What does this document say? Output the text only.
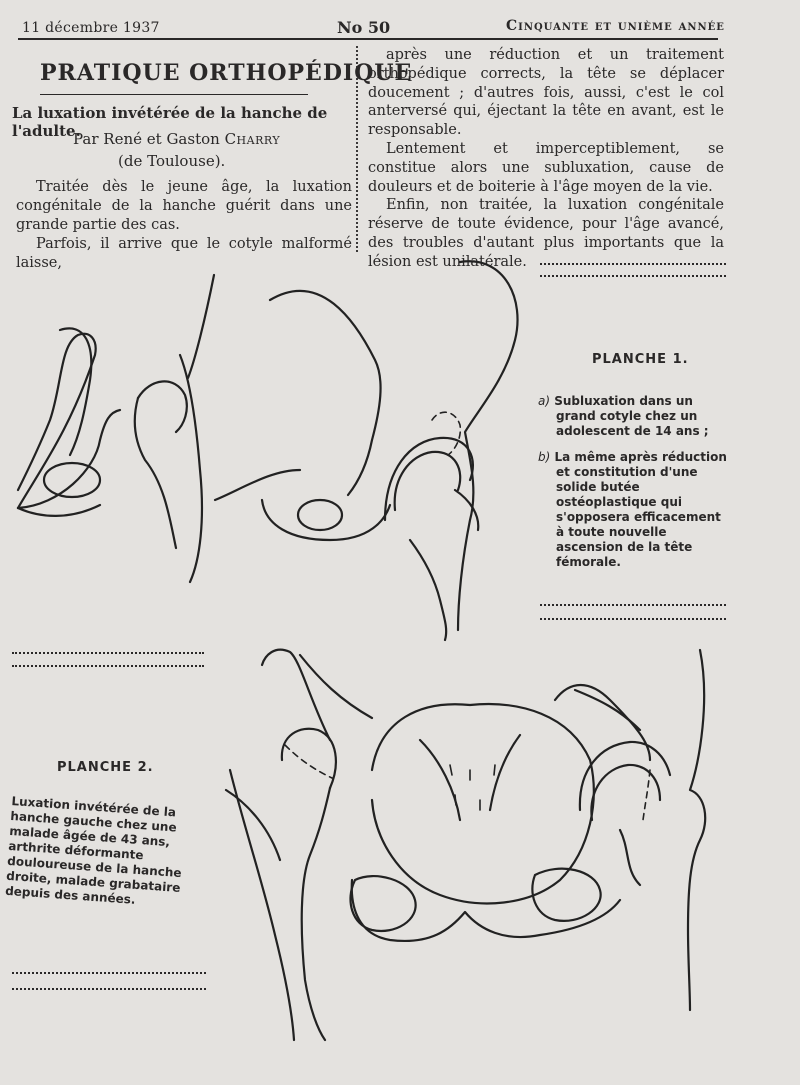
11 décembre 1937	No 50	Cinquante et unième année
PRATIQUE ORTHOPÉDIQUE
La luxation invétérée de la hanche de l'adulte.
Par René et Gaston Charry
(de Toulouse).

Traitée dès le jeune âge, la luxation congénitale de la hanche guérit dans une grande partie des cas.

Parfois, il arrive que le cotyle malformé laisse,

après une réduction et un traitement orthopédique corrects, la tête se déplacer doucement ; d'autres fois, aussi, c'est le col anterversé qui, éjectant la tête en avant, est le responsable.

Lentement et imperceptiblement, se constitue alors une subluxation, cause de douleurs et de boiterie à l'âge moyen de la vie.

Enfin, non traitée, la luxation congénitale réserve de toute évidence, pour l'âge avancé, des troubles d'autant plus importants que la lésion est unilatérale.

PLANCHE 1.
a) Subluxation dans un grand cotyle chez un adolescent de 14 ans ;
b) La même après réduction et constitution d'une solide butée ostéoplastique qui s'opposera efficacement à toute nouvelle ascension de la tête fémorale.
PLANCHE 2.
Luxation invétérée de la hanche gauche chez une malade âgée de 43 ans, arthrite déformante douloureuse de la hanche droite, malade grabataire depuis des années.
